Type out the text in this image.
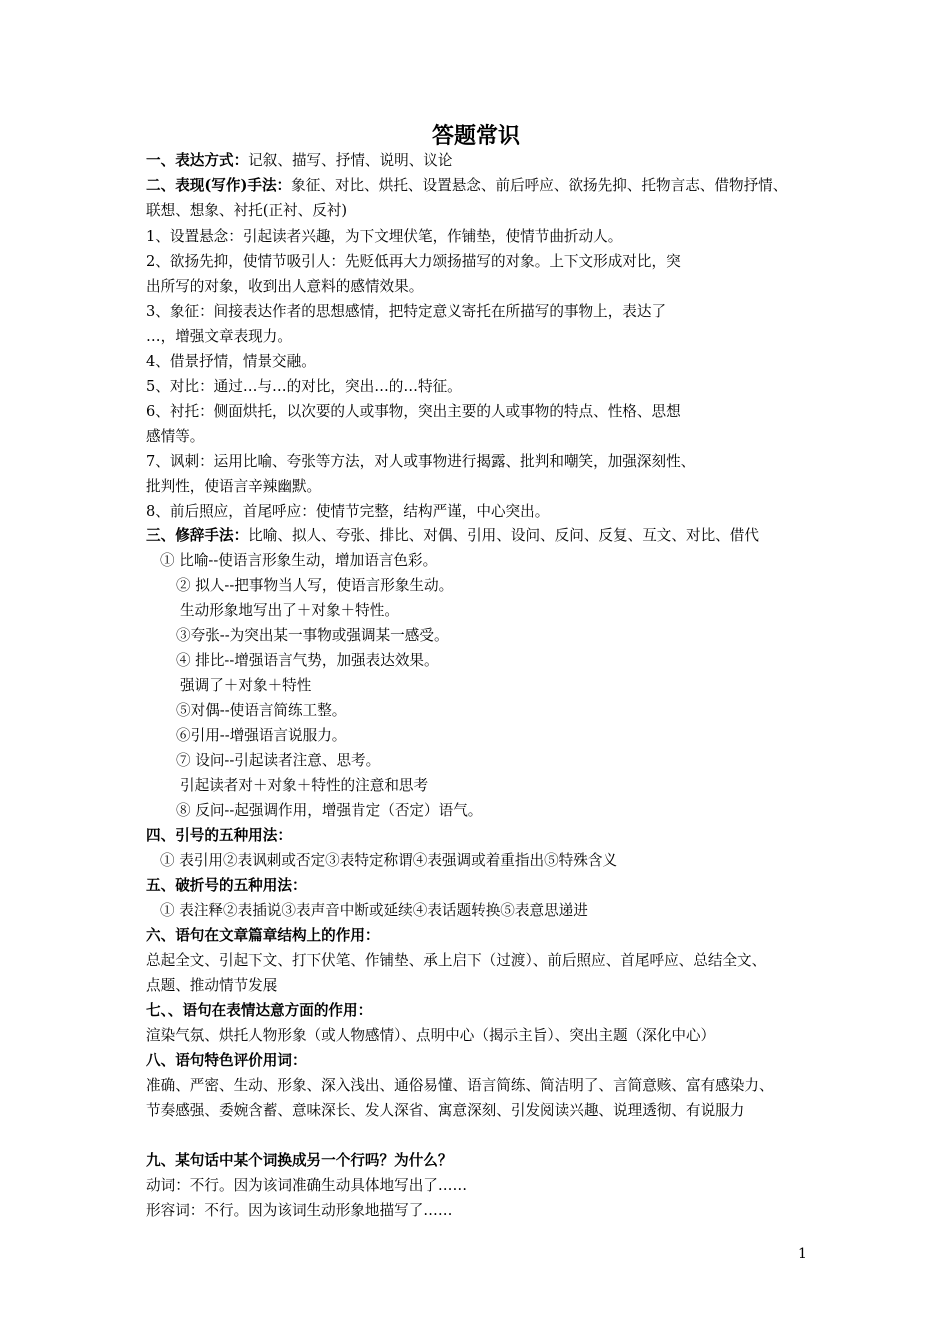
答题常识
一、表达方式：记叙、描写、抒情、说明、议论
二、表现(写作)手法：象征、对比、烘托、设置悬念、前后呼应、欲扬先抑、托物言志、借物抒情、
联想、想象、衬托(正衬、反衬)
1、设置悬念：引起读者兴趣，为下文埋伏笔，作铺垫，使情节曲折动人。
2、欲扬先抑，使情节吸引人：先贬低再大力颂扬描写的对象。上下文形成对比，突
出所写的对象，收到出人意料的感情效果。
3、象征：间接表达作者的思想感情，把特定意义寄托在所描写的事物上，表达了
…，增强文章表现力。
4、借景抒情，情景交融。
5、对比：通过…与…的对比，突出…的…特征。
6、衬托：侧面烘托，以次要的人或事物，突出主要的人或事物的特点、性格、思想
感情等。
7、讽刺：运用比喻、夸张等方法，对人或事物进行揭露、批判和嘲笑，加强深刻性、
批判性，使语言辛辣幽默。
8、前后照应，首尾呼应：使情节完整，结构严谨，中心突出。
三、修辞手法：比喻、拟人、夸张、排比、对偶、引用、设问、反问、反复、互文、对比、借代
① 比喻--使语言形象生动，增加语言色彩。
② 拟人--把事物当人写，使语言形象生动。
生动形象地写出了＋对象＋特性。
③夸张--为突出某一事物或强调某一感受。
④ 排比--增强语言气势，加强表达效果。
强调了＋对象＋特性
⑤对偶--使语言简练工整。
⑥引用--增强语言说服力。
⑦ 设问--引起读者注意、思考。
引起读者对＋对象＋特性的注意和思考
⑧ 反问--起强调作用，增强肯定（否定）语气。
四、引号的五种用法：
① 表引用②表讽刺或否定③表特定称谓④表强调或着重指出⑤特殊含义
五、破折号的五种用法：
① 表注释②表插说③表声音中断或延续④表话题转换⑤表意思递进
六、语句在文章篇章结构上的作用：
总起全文、引起下文、打下伏笔、作铺垫、承上启下（过渡）、前后照应、首尾呼应、总结全文、
点题、推动情节发展
七、、语句在表情达意方面的作用：
渲染气氛、烘托人物形象（或人物感情）、点明中心（揭示主旨）、突出主题（深化中心）
八、语句特色评价用词：
准确、严密、生动、形象、深入浅出、通俗易懂、语言简练、简洁明了、言简意赅、富有感染力、
节奏感强、委婉含蓄、意味深长、发人深省、寓意深刻、引发阅读兴趣、说理透彻、有说服力
九、某句话中某个词换成另一个行吗？为什么？
动词：不行。因为该词准确生动具体地写出了……
形容词：不行。因为该词生动形象地描写了……
1
